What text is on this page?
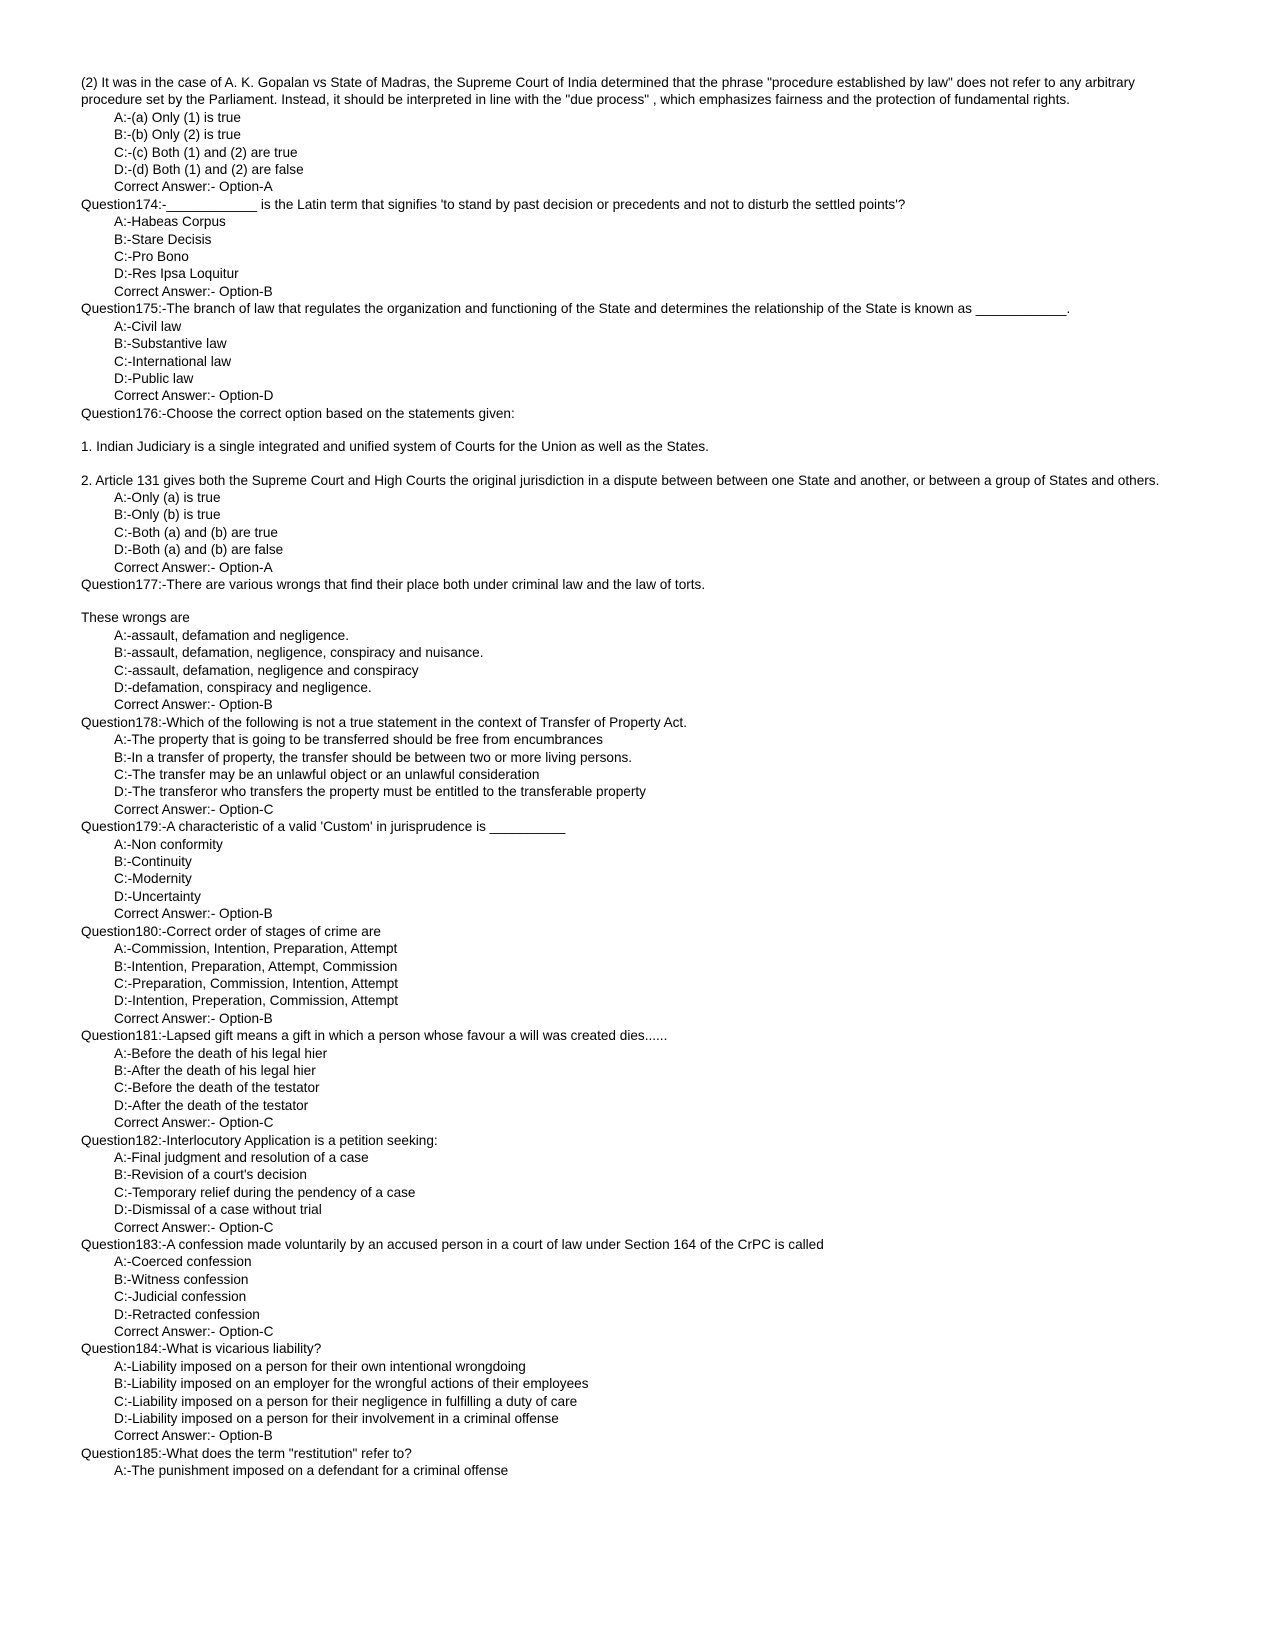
(2) It was in the case of A. K. Gopalan vs State of Madras, the Supreme Court of India determined that the phrase "procedure established by law" does not refer to any arbitrary procedure set by the Parliament. Instead, it should be interpreted in line with the "due process" , which emphasizes fairness and the protection of fundamental rights.
A:-(a) Only (1) is true
B:-(b) Only (2) is true
C:-(c) Both (1) and (2) are true
D:-(d) Both (1) and (2) are false
Correct Answer:- Option-A
Question174:-____________ is the Latin term that signifies 'to stand by past decision or precedents and not to disturb the settled points'?
A:-Habeas Corpus
B:-Stare Decisis
C:-Pro Bono
D:-Res Ipsa Loquitur
Correct Answer:- Option-B
Question175:-The branch of law that regulates the organization and functioning of the State and determines the relationship of the State is known as ____________.
A:-Civil law
B:-Substantive law
C:-International law
D:-Public law
Correct Answer:- Option-D
Question176:-Choose the correct option based on the statements given:
1. Indian Judiciary is a single integrated and unified system of Courts for the Union as well as the States.
2. Article 131 gives both the Supreme Court and High Courts the original jurisdiction in a dispute between between one State and another, or between a group of States and others.
A:-Only (a) is true
B:-Only (b) is true
C:-Both (a) and (b) are true
D:-Both (a) and (b) are false
Correct Answer:- Option-A
Question177:-There are various wrongs that find their place both under criminal law and the law of torts.
These wrongs are
A:-assault, defamation and negligence.
B:-assault, defamation, negligence, conspiracy and nuisance.
C:-assault, defamation, negligence and conspiracy
D:-defamation, conspiracy and negligence.
Correct Answer:- Option-B
Question178:-Which of the following is not a true statement in the context of Transfer of Property Act.
A:-The property that is going to be transferred should be free from encumbrances
B:-In a transfer of property, the transfer should be between two or more living persons.
C:-The transfer may be an unlawful object or an unlawful consideration
D:-The transferor who transfers the property must be entitled to the transferable property
Correct Answer:- Option-C
Question179:-A characteristic of a valid 'Custom' in jurisprudence is __________
A:-Non conformity
B:-Continuity
C:-Modernity
D:-Uncertainty
Correct Answer:- Option-B
Question180:-Correct order of stages of crime are
A:-Commission, Intention, Preparation, Attempt
B:-Intention, Preparation, Attempt, Commission
C:-Preparation, Commission, Intention, Attempt
D:-Intention, Preperation, Commission, Attempt
Correct Answer:- Option-B
Question181:-Lapsed gift means a gift in which a person whose favour a will was created dies......
A:-Before the death of his legal hier
B:-After the death of his legal hier
C:-Before the death of the testator
D:-After the death of the testator
Correct Answer:- Option-C
Question182:-Interlocutory Application is a petition seeking:
A:-Final judgment and resolution of a case
B:-Revision of a court's decision
C:-Temporary relief during the pendency of a case
D:-Dismissal of a case without trial
Correct Answer:- Option-C
Question183:-A confession made voluntarily by an accused person in a court of law under Section 164 of the CrPC is called
A:-Coerced confession
B:-Witness confession
C:-Judicial confession
D:-Retracted confession
Correct Answer:- Option-C
Question184:-What is vicarious liability?
A:-Liability imposed on a person for their own intentional wrongdoing
B:-Liability imposed on an employer for the wrongful actions of their employees
C:-Liability imposed on a person for their negligence in fulfilling a duty of care
D:-Liability imposed on a person for their involvement in a criminal offense
Correct Answer:- Option-B
Question185:-What does the term "restitution" refer to?
A:-The punishment imposed on a defendant for a criminal offense
